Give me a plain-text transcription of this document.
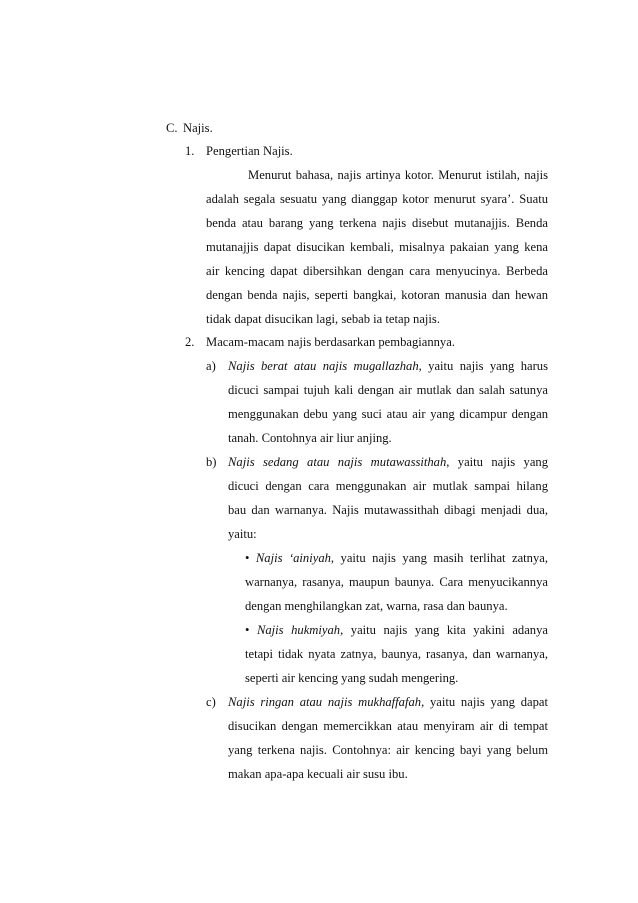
C. Najis.
1. Pengertian Najis.
Menurut bahasa, najis artinya kotor. Menurut istilah, najis
adalah segala sesuatu yang dianggap kotor menurut syara’. Suatu
benda atau barang yang terkena najis disebut mutanajjis. Benda
mutanajjis dapat disucikan kembali, misalnya pakaian yang kena
air kencing dapat dibersihkan dengan cara menyucinya. Berbeda
dengan benda najis, seperti bangkai, kotoran manusia dan hewan
tidak dapat disucikan lagi, sebab ia tetap najis.
2. Macam-macam najis berdasarkan pembagiannya.
a) Najis berat atau najis mugallazhah, yaitu najis yang harus
dicuci sampai tujuh kali dengan air mutlak dan salah satunya
menggunakan debu yang suci atau air yang dicampur dengan
tanah. Contohnya air liur anjing.
b) Najis sedang atau najis mutawassithah, yaitu najis yang
dicuci dengan cara menggunakan air mutlak sampai hilang
bau dan warnanya. Najis mutawassithah dibagi menjadi dua,
yaitu:
• Najis ‘ainiyah, yaitu najis yang masih terlihat zatnya,
warnanya, rasanya, maupun baunya. Cara menyucikannya
dengan menghilangkan zat, warna, rasa dan baunya.
• Najis hukmiyah, yaitu najis yang kita yakini adanya
tetapi tidak nyata zatnya, baunya, rasanya, dan warnanya,
seperti air kencing yang sudah mengering.
c) Najis ringan atau najis mukhaffafah, yaitu najis yang dapat
disucikan dengan memercikkan atau menyiram air di tempat
yang terkena najis. Contohnya: air kencing bayi yang belum
makan apa-apa kecuali air susu ibu.
